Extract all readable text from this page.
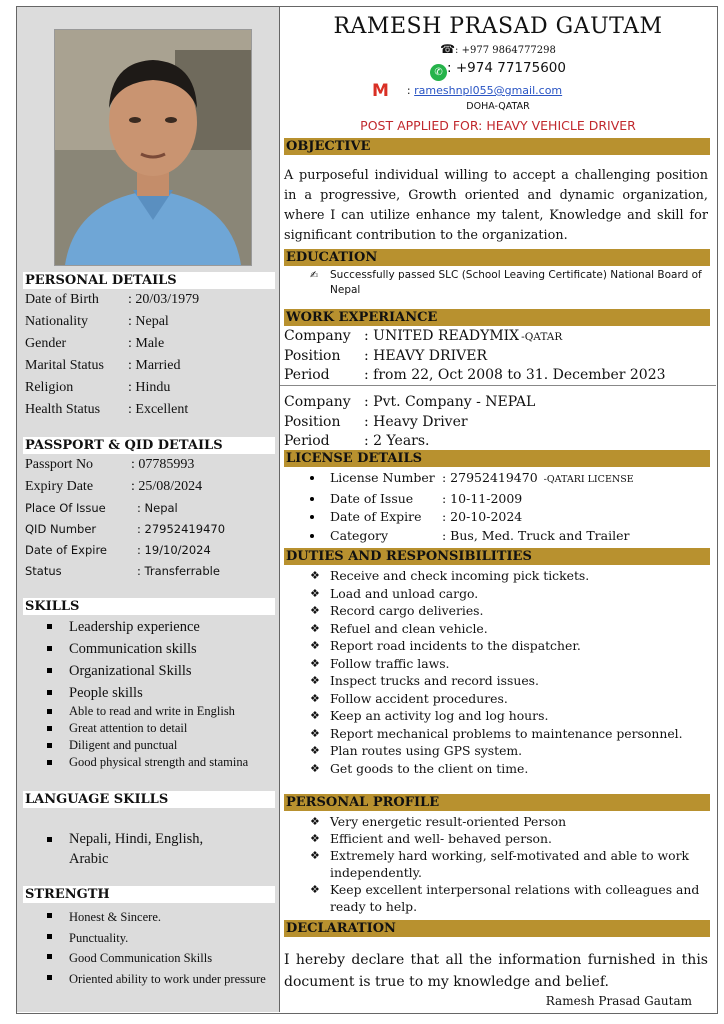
PERSONAL DETAILS
Date of Birth : 20/03/1979
Nationality	: Nepal
Gender	: Male
Marital Status : Married
Religion	: Hindu
Health Status : Excellent
PASSPORT & QID DETAILS
Passport No	: 07785993
Expiry Date	: 25/08/2024
Place Of Issue	: Nepal
QID Number	: 27952419470
Date of Expire	: 19/10/2024
Status	: Transferrable
SKILLS
Leadership experience
Communication skills
Organizational Skills
People skills
Able to read and write in English
Great attention to detail
Diligent and punctual
Good physical strength and stamina
LANGUAGE SKILLS
Nepali, Hindi, English, Arabic
STRENGTH
Honest & Sincere.
Punctuality.
Good Communication Skills
Oriented ability to work under pressure
RAMESH PRASAD GAUTAM
☎: +977 9864777298
✆ : +974 77175600
M : rameshnpl055@gmail.com
DOHA-QATAR
POST APPLIED FOR: HEAVY VEHICLE DRIVER
OBJECTIVE
A purposeful individual willing to accept a challenging position in a progressive, Growth oriented and dynamic organization, where I can utilize enhance my talent, Knowledge and skill for significant contribution to the organization.
EDUCATION
✍ Successfully passed SLC (School Leaving Certificate) National Board of Nepal
WORK EXPERIANCE
Company : UNITED READYMIX -QATAR
Position : HEAVY DRIVER
Period : from 22, Oct 2008 to 31. December 2023
Company : Pvt. Company - NEPAL
Position : Heavy Driver
Period : 2 Years.
LICENSE DETAILS
License Number : 27952419470 -QATARI LICENSE
Date of Issue : 10-11-2009
Date of Expire : 20-10-2024
Category	: Bus, Med. Truck and Trailer
DUTIES AND RESPONSIBILITIES
❖ Receive and check incoming pick tickets.
❖ Load and unload cargo.
❖ Record cargo deliveries.
❖ Refuel and clean vehicle.
❖ Report road incidents to the dispatcher.
❖ Follow traffic laws.
❖ Inspect trucks and record issues.
❖ Follow accident procedures.
❖ Keep an activity log and log hours.
❖ Report mechanical problems to maintenance personnel.
❖ Plan routes using GPS system.
❖ Get goods to the client on time.
PERSONAL PROFILE
❖ Very energetic result-oriented Person
❖ Efficient and well- behaved person.
❖ Extremely hard working, self-motivated and able to work independently.
❖ Keep excellent interpersonal relations with colleagues and ready to help.
DECLARATION
I hereby declare that all the information furnished in this document is true to my knowledge and belief.
Ramesh Prasad Gautam
